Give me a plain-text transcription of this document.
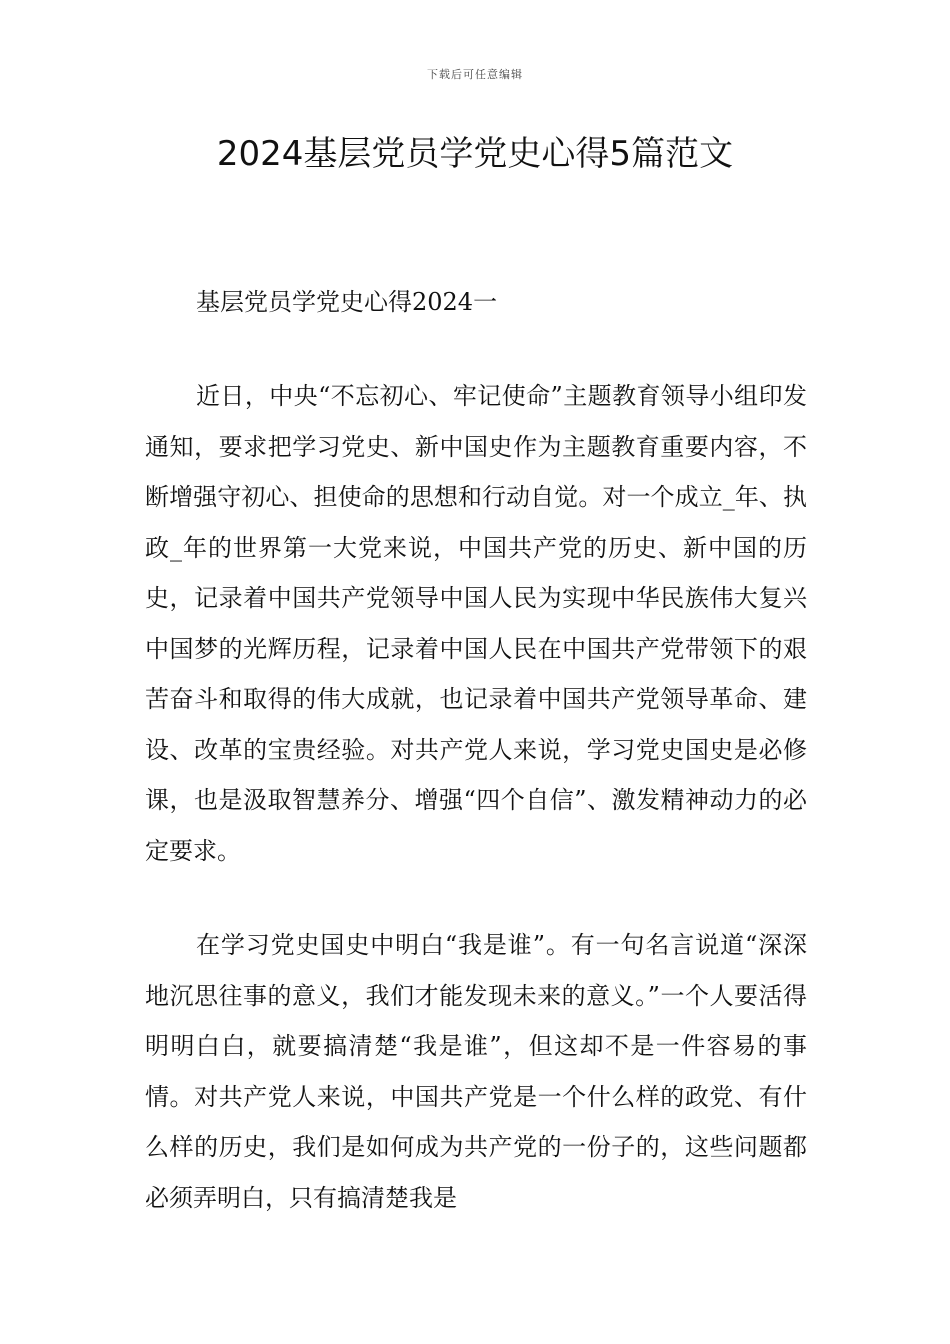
下载后可任意编辑
2024基层党员学党史心得5篇范文

基层党员学党史心得2024一

近日，中央“不忘初心、牢记使命”主题教育领导小组印发通知，要求把学习党史、新中国史作为主题教育重要内容，不断增强守初心、担使命的思想和行动自觉。对一个成立_年、执政_年的世界第一大党来说，中国共产党的历史、新中国的历史，记录着中国共产党领导中国人民为实现中华民族伟大复兴中国梦的光辉历程，记录着中国人民在中国共产党带领下的艰苦奋斗和取得的伟大成就，也记录着中国共产党领导革命、建设、改革的宝贵经验。对共产党人来说，学习党史国史是必修课，也是汲取智慧养分、增强“四个自信”、激发精神动力的必定要求。

在学习党史国史中明白“我是谁”。有一句名言说道“深深地沉思往事的意义，我们才能发现未来的意义。”一个人要活得明明白白，就要搞清楚“我是谁”，但这却不是一件容易的事情。对共产党人来说，中国共产党是一个什么样的政党、有什么样的历史，我们是如何成为共产党的一份子的，这些问题都必须弄明白，只有搞清楚我是
